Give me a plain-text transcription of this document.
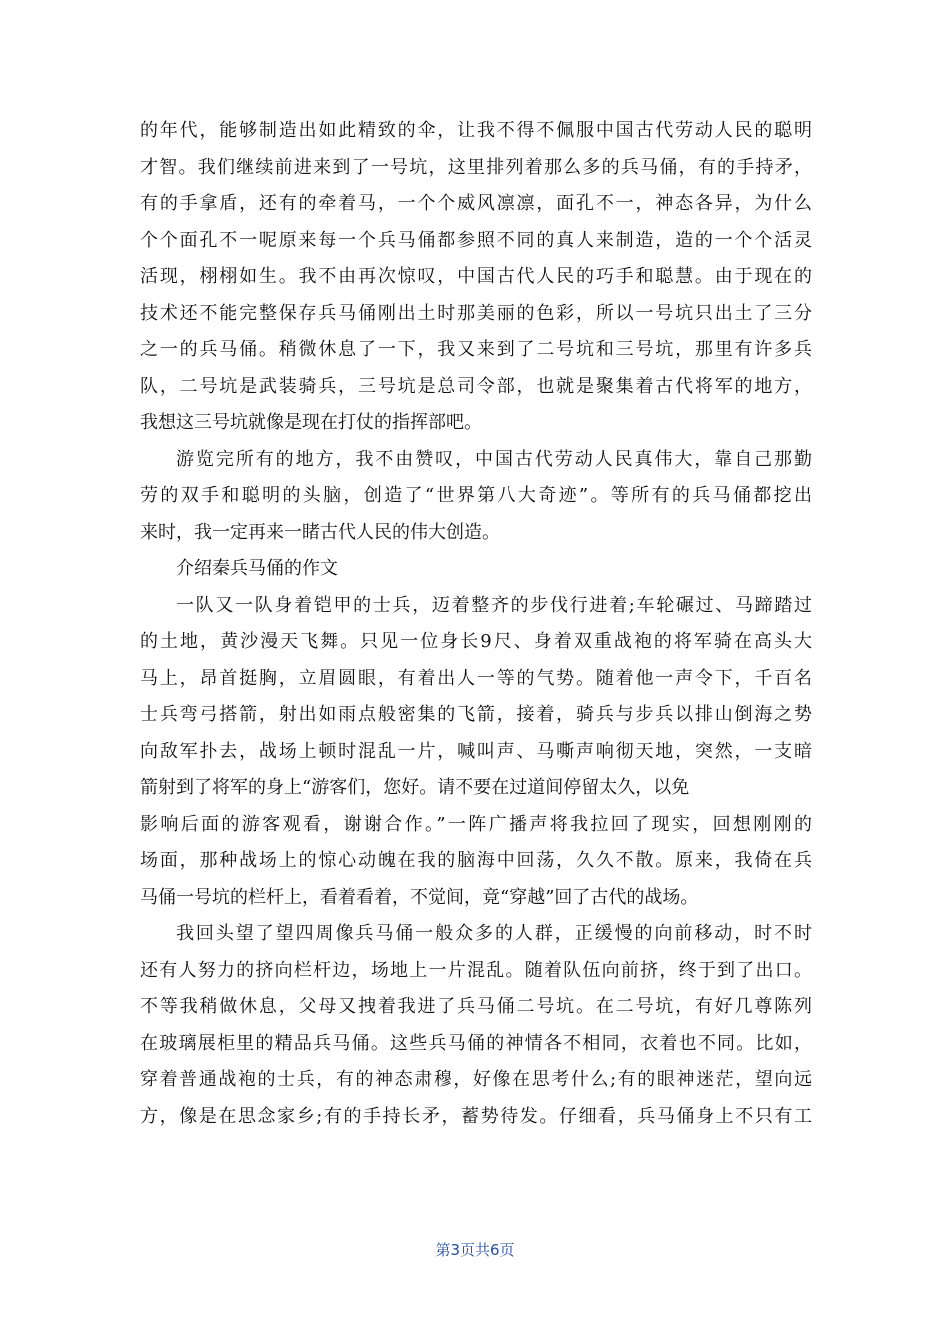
的年代，能够制造出如此精致的伞，让我不得不佩服中国古代劳动人民的聪明
才智。我们继续前进来到了一号坑，这里排列着那么多的兵马俑，有的手持矛，
有的手拿盾，还有的牵着马，一个个威风凛凛，面孔不一，神态各异，为什么
个个面孔不一呢原来每一个兵马俑都参照不同的真人来制造，造的一个个活灵
活现，栩栩如生。我不由再次惊叹，中国古代人民的巧手和聪慧。由于现在的
技术还不能完整保存兵马俑刚出土时那美丽的色彩，所以一号坑只出土了三分
之一的兵马俑。稍微休息了一下，我又来到了二号坑和三号坑，那里有许多兵
队，二号坑是武装骑兵，三号坑是总司令部，也就是聚集着古代将军的地方，
我想这三号坑就像是现在打仗的指挥部吧。
游览完所有的地方，我不由赞叹，中国古代劳动人民真伟大，靠自己那勤
劳的双手和聪明的头脑，创造了“世界第八大奇迹”。等所有的兵马俑都挖出
来时，我一定再来一睹古代人民的伟大创造。
介绍秦兵马俑的作文
一队又一队身着铠甲的士兵，迈着整齐的步伐行进着;车轮碾过、马蹄踏过
的土地，黄沙漫天飞舞。只见一位身长9尺、身着双重战袍的将军骑在高头大
马上，昂首挺胸，立眉圆眼，有着出人一等的气势。随着他一声令下，千百名
士兵弯弓搭箭，射出如雨点般密集的飞箭，接着，骑兵与步兵以排山倒海之势
向敌军扑去，战场上顿时混乱一片，喊叫声、马嘶声响彻天地，突然，一支暗
箭射到了将军的身上“游客们，您好。请不要在过道间停留太久，以免
影响后面的游客观看，谢谢合作。”一阵广播声将我拉回了现实，回想刚刚的
场面，那种战场上的惊心动魄在我的脑海中回荡，久久不散。原来，我倚在兵
马俑一号坑的栏杆上，看着看着，不觉间，竟“穿越”回了古代的战场。
我回头望了望四周像兵马俑一般众多的人群，正缓慢的向前移动，时不时
还有人努力的挤向栏杆边，场地上一片混乱。随着队伍向前挤，终于到了出口。
不等我稍做休息，父母又拽着我进了兵马俑二号坑。在二号坑，有好几尊陈列
在玻璃展柜里的精品兵马俑。这些兵马俑的神情各不相同，衣着也不同。比如，
穿着普通战袍的士兵，有的神态肃穆，好像在思考什么;有的眼神迷茫，望向远
方，像是在思念家乡;有的手持长矛，蓄势待发。仔细看，兵马俑身上不只有工
第3页共6页
